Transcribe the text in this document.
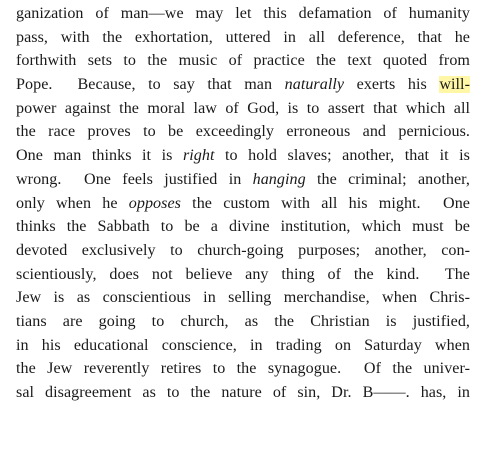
ganization of man—we may let this defamation of humanity
pass, with the exhortation, uttered in all deference, that he
forthwith sets to the music of practice the text quoted from
Pope.  Because, to say that man naturally exerts his will-
power against the moral law of God, is to assert that which all
the race proves to be exceedingly erroneous and pernicious.
One man thinks it is right to hold slaves; another, that it is
wrong.  One feels justified in hanging the criminal; another,
only when he opposes the custom with all his might.  One
thinks the Sabbath to be a divine institution, which must be
devoted exclusively to church-going purposes; another, con-
scientiously, does not believe any thing of the kind.  The
Jew is as conscientious in selling merchandise, when Chris-
tians are going to church, as the Christian is justified,
in his educational conscience, in trading on Saturday when
the Jew reverently retires to the synagogue.  Of the univer-
sal disagreement as to the nature of sin, Dr. B——. has, in
